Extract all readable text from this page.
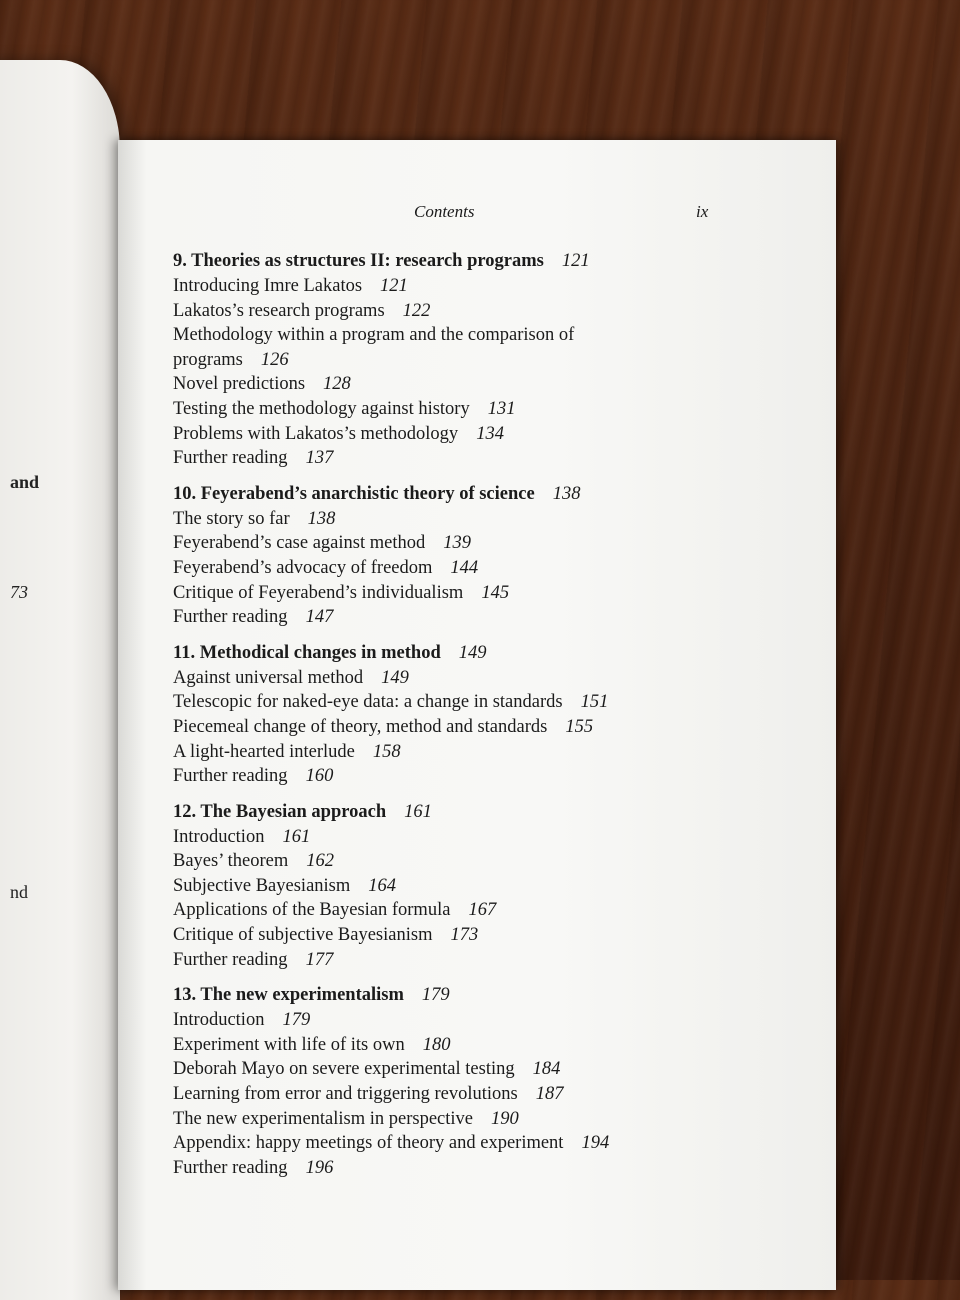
and
73
nd
Contents	ix
9. Theories as structures II: research programs 121
Introducing Imre Lakatos 121
Lakatos’s research programs 122
Methodology within a program and the comparison of
programs 126
Novel predictions 128
Testing the methodology against history 131
Problems with Lakatos’s methodology 134
Further reading 137
10. Feyerabend’s anarchistic theory of science 138
The story so far 138
Feyerabend’s case against method 139
Feyerabend’s advocacy of freedom 144
Critique of Feyerabend’s individualism 145
Further reading 147
11. Methodical changes in method 149
Against universal method 149
Telescopic for naked-eye data: a change in standards 151
Piecemeal change of theory, method and standards 155
A light-hearted interlude 158
Further reading 160
12. The Bayesian approach 161
Introduction 161
Bayes’ theorem 162
Subjective Bayesianism 164
Applications of the Bayesian formula 167
Critique of subjective Bayesianism 173
Further reading 177
13. The new experimentalism 179
Introduction 179
Experiment with life of its own 180
Deborah Mayo on severe experimental testing 184
Learning from error and triggering revolutions 187
The new experimentalism in perspective 190
Appendix: happy meetings of theory and experiment 194
Further reading 196
